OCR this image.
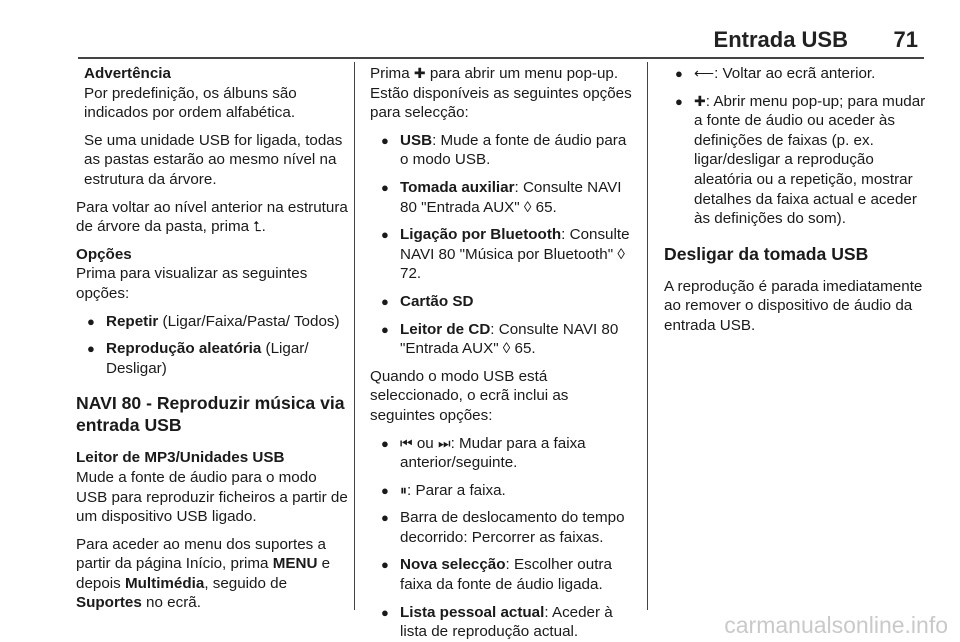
Entrada USB 71
Advertência
Por predefinição, os álbuns são indicados por ordem alfabética.
Se uma unidade USB for ligada, todas as pastas estarão ao mesmo nível na estrutura da árvore.
Para voltar ao nível anterior na estrutura de árvore da pasta, prima ⮤.
Opções
Prima para visualizar as seguintes opções:
● Repetir (Ligar/Faixa/Pasta/ Todos)
● Reprodução aleatória (Ligar/ Desligar)
NAVI 80 - Reproduzir música via entrada USB
Leitor de MP3/Unidades USB
Mude a fonte de áudio para o modo USB para reproduzir ficheiros a partir de um dispositivo USB ligado.
Para aceder ao menu dos suportes a partir da página Início, prima MENU e depois Multimédia, seguido de Suportes no ecrã.
Prima ✚ para abrir um menu pop-up. Estão disponíveis as seguintes opções para selecção:
● USB: Mude a fonte de áudio para o modo USB.
● Tomada auxiliar: Consulte NAVI 80 "Entrada AUX" ◊ 65.
● Ligação por Bluetooth: Consulte NAVI 80 "Música por Bluetooth" ◊ 72.
● Cartão SD
● Leitor de CD: Consulte NAVI 80 "Entrada AUX" ◊ 65.
Quando o modo USB está seleccionado, o ecrã inclui as seguintes opções:
● ⏮ ou ⏭: Mudar para a faixa anterior/seguinte.
● ⏸: Parar a faixa.
● Barra de deslocamento do tempo decorrido: Percorrer as faixas.
● Nova selecção: Escolher outra faixa da fonte de áudio ligada.
● Lista pessoal actual: Aceder à lista de reprodução actual.
● ⟵: Voltar ao ecrã anterior.
● ✚: Abrir menu pop-up; para mudar a fonte de áudio ou aceder às definições de faixas (p. ex. ligar/desligar a reprodução aleatória ou a repetição, mostrar detalhes da faixa actual e aceder às definições do som).
Desligar da tomada USB
A reprodução é parada imediatamente ao remover o dispositivo de áudio da entrada USB.
carmanualsonline.info
